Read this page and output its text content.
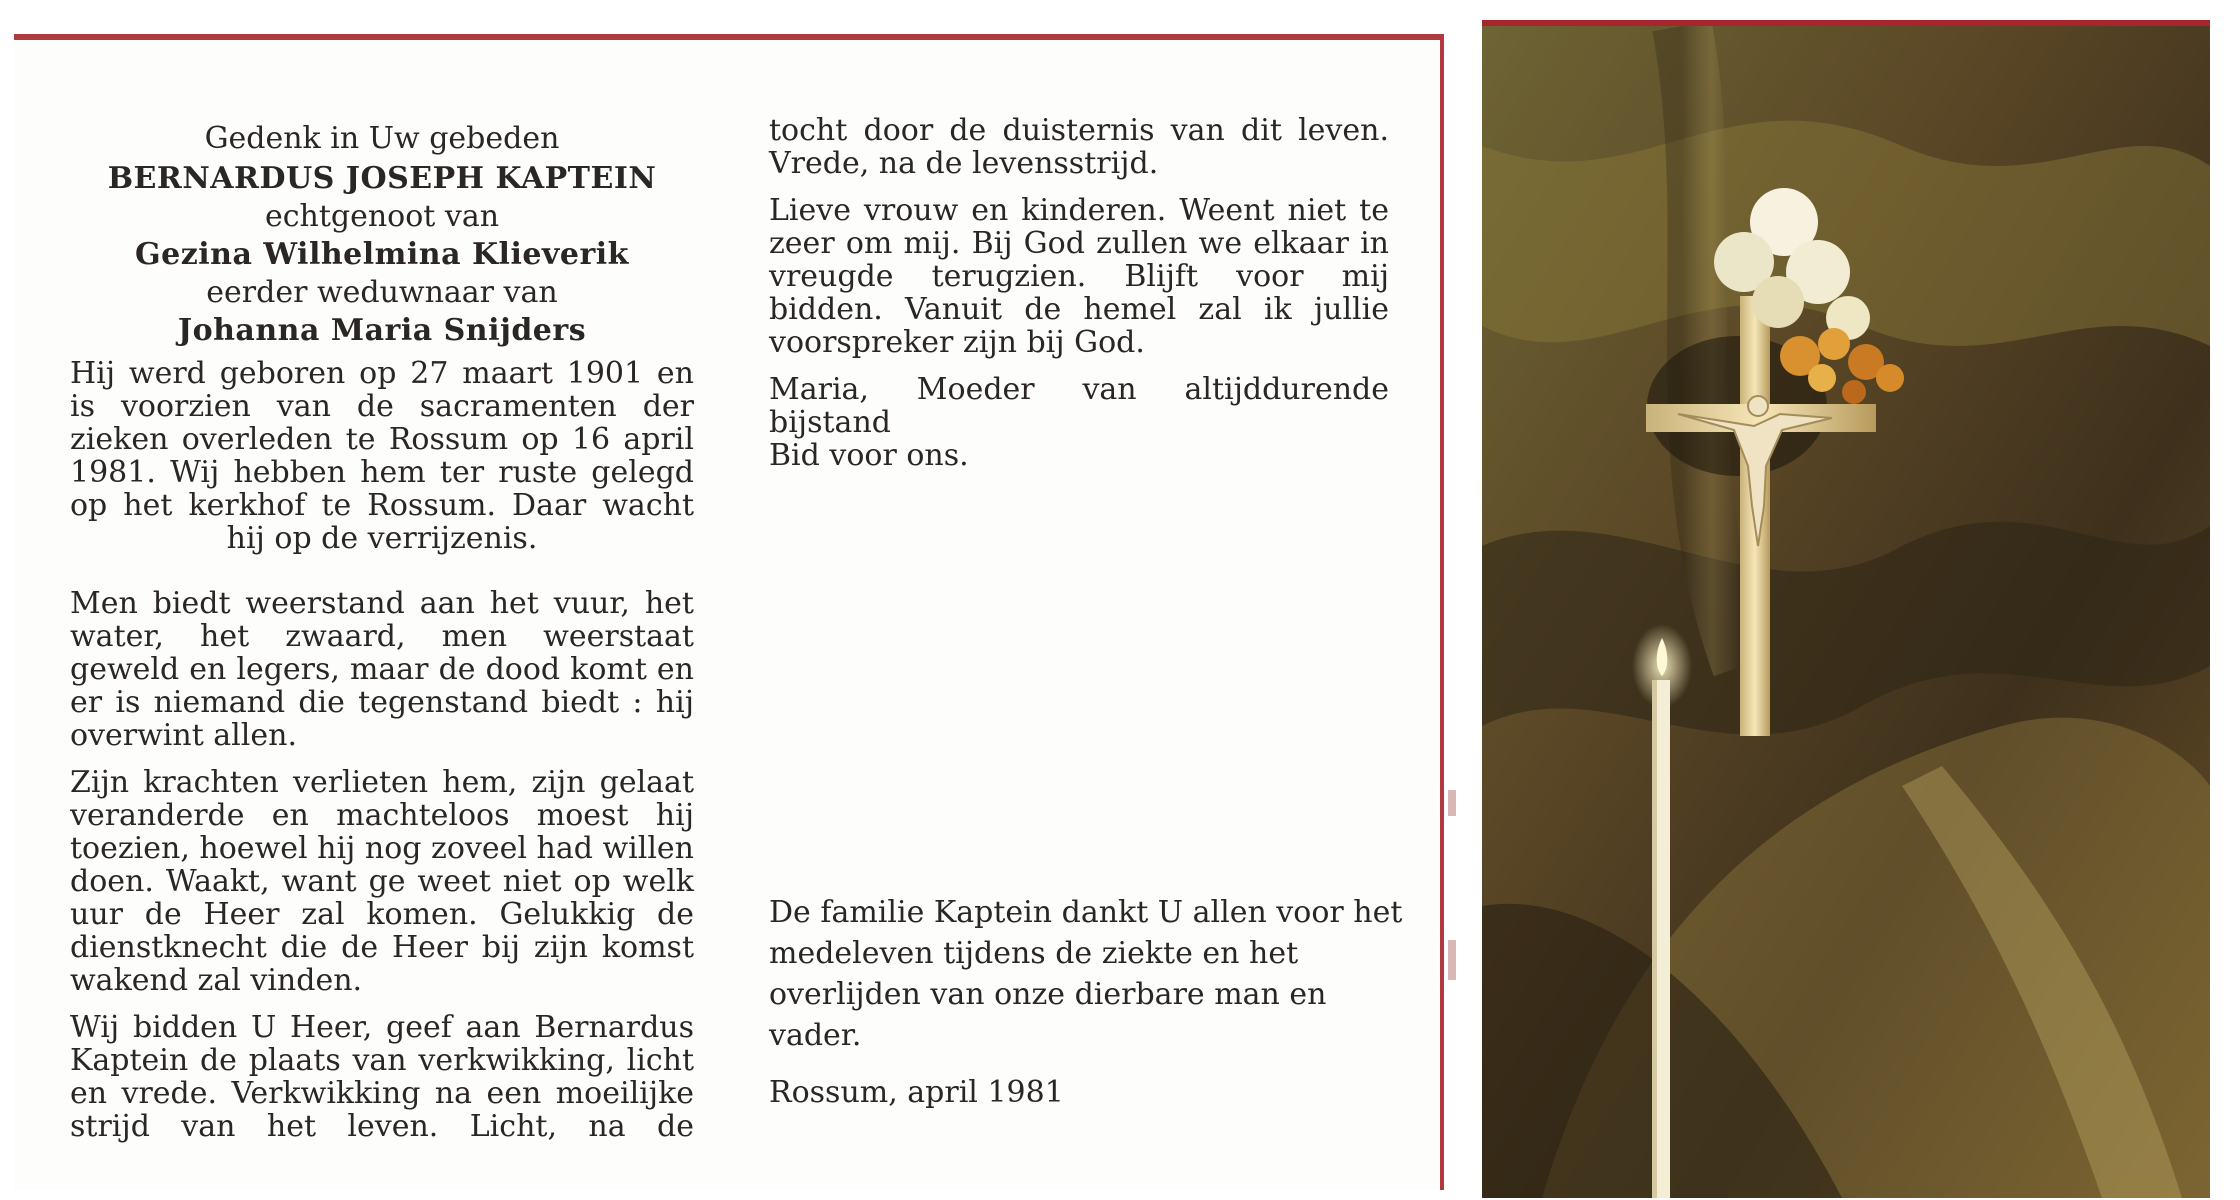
Gedenk in Uw gebeden

BERNARDUS JOSEPH KAPTEIN

echtgenoot van

Gezina Wilhelmina Klieverik

eerder weduwnaar van

Johanna Maria Snijders

Hij werd geboren op 27 maart 1901 en is voorzien van de sacramenten der zieken overleden te Rossum op 16 april 1981. Wij hebben hem ter ruste gelegd op het kerkhof te Rossum. Daar wacht

hij op de verrijzenis.

Men biedt weerstand aan het vuur, het water, het zwaard, men weerstaat geweld en legers, maar de dood komt en er is niemand die tegenstand biedt : hij overwint allen.

Zijn krachten verlieten hem, zijn gelaat veranderde en machteloos moest hij toezien, hoewel hij nog zoveel had willen doen. Waakt, want ge weet niet op welk uur de Heer zal komen. Gelukkig de dienstknecht die de Heer bij zijn komst wakend zal vinden.

Wij bidden U Heer, geef aan Bernardus Kaptein de plaats van verkwikking, licht en vrede. Verkwikking na een moeilijke strijd van het leven. Licht, na de

tocht door de duisternis van dit leven. Vrede, na de levensstrijd.

Lieve vrouw en kinderen. Weent niet te zeer om mij. Bij God zullen we elkaar in vreugde terugzien. Blijft voor mij bidden. Vanuit de hemel zal ik jullie voorspreker zijn bij God.

Maria, Moeder van altijddurende bijstand

Bid voor ons.

De familie Kaptein dankt U allen voor het medeleven tijdens de ziekte en het overlijden van onze dierbare man en vader.
Rossum, april 1981
